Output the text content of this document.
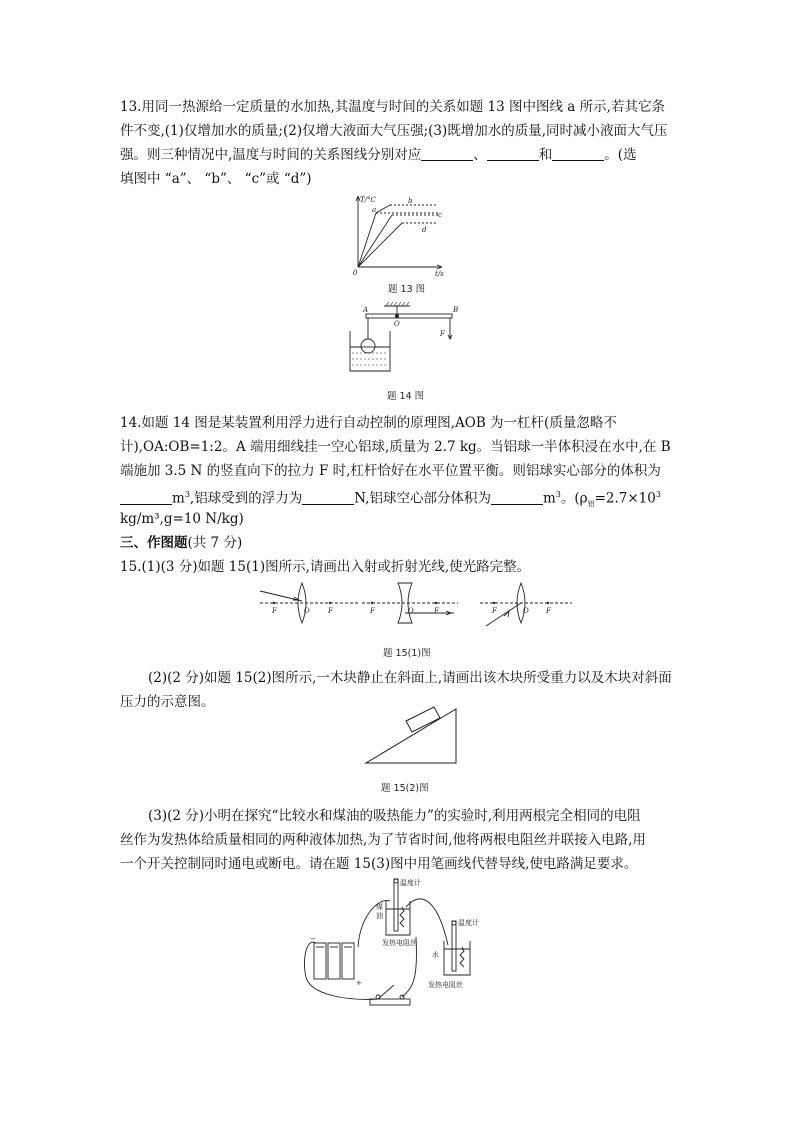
13.用同一热源给一定质量的水加热,其温度与时间的关系如题 13 图中图线 a 所示,若其它条
件不变,(1)仅增加水的质量;(2)仅增大液面大气压强;(3)既增加水的质量,同时减小液面大气压
强。则三种情况中,温度与时间的关系图线分别对应	、	和	。(选
填图中 “a”、 “b”、 “c”或 “d”)
T/°C
t/s
0
a
b
c
d
题 13 图
A
O
B
F
题 14 图
14.如题 14 图是某装置利用浮力进行自动控制的原理图,AOB 为一杠杆(质量忽略不
计),OA:OB=1:2。A 端用细线挂一空心铝球,质量为 2.7 kg。当铝球一半体积浸在水中,在 B
端施加 3.5 N 的竖直向下的拉力 F 时,杠杆恰好在水平位置平衡。则铝球实心部分的体积为
$m^3$,铝球受到的浮力为	N,铝球空心部分体积为	$m^3$。($\rho_铝=2.7\times 10^3$
kg/m³,g=10 N/kg)
三、作图题(共 7 分)
15.(1)(3 分)如题 15(1)图所示,请画出入射或折射光线,使光路完整。
F	O	F	F	O	F	F	O F
题 15(1)图
(2)(2 分)如题 15(2)图所示,一木块静止在斜面上,请画出该木块所受重力以及木块对斜面
压力的示意图。
题 15(2)图
(3)(2 分)小明在探究“比较水和煤油的吸热能力”的实验时,利用两根完全相同的电阻
丝作为发热体给质量相同的两种液体加热,为了节省时间,他将两根电阻丝并联接入电路,用
一个开关控制同时通电或断电。请在题 15(3)图中用笔画线代替导线,使电路满足要求。
温度计
温度计
煤
油
水
发热电阻丝
发热电阻丝
−
+
